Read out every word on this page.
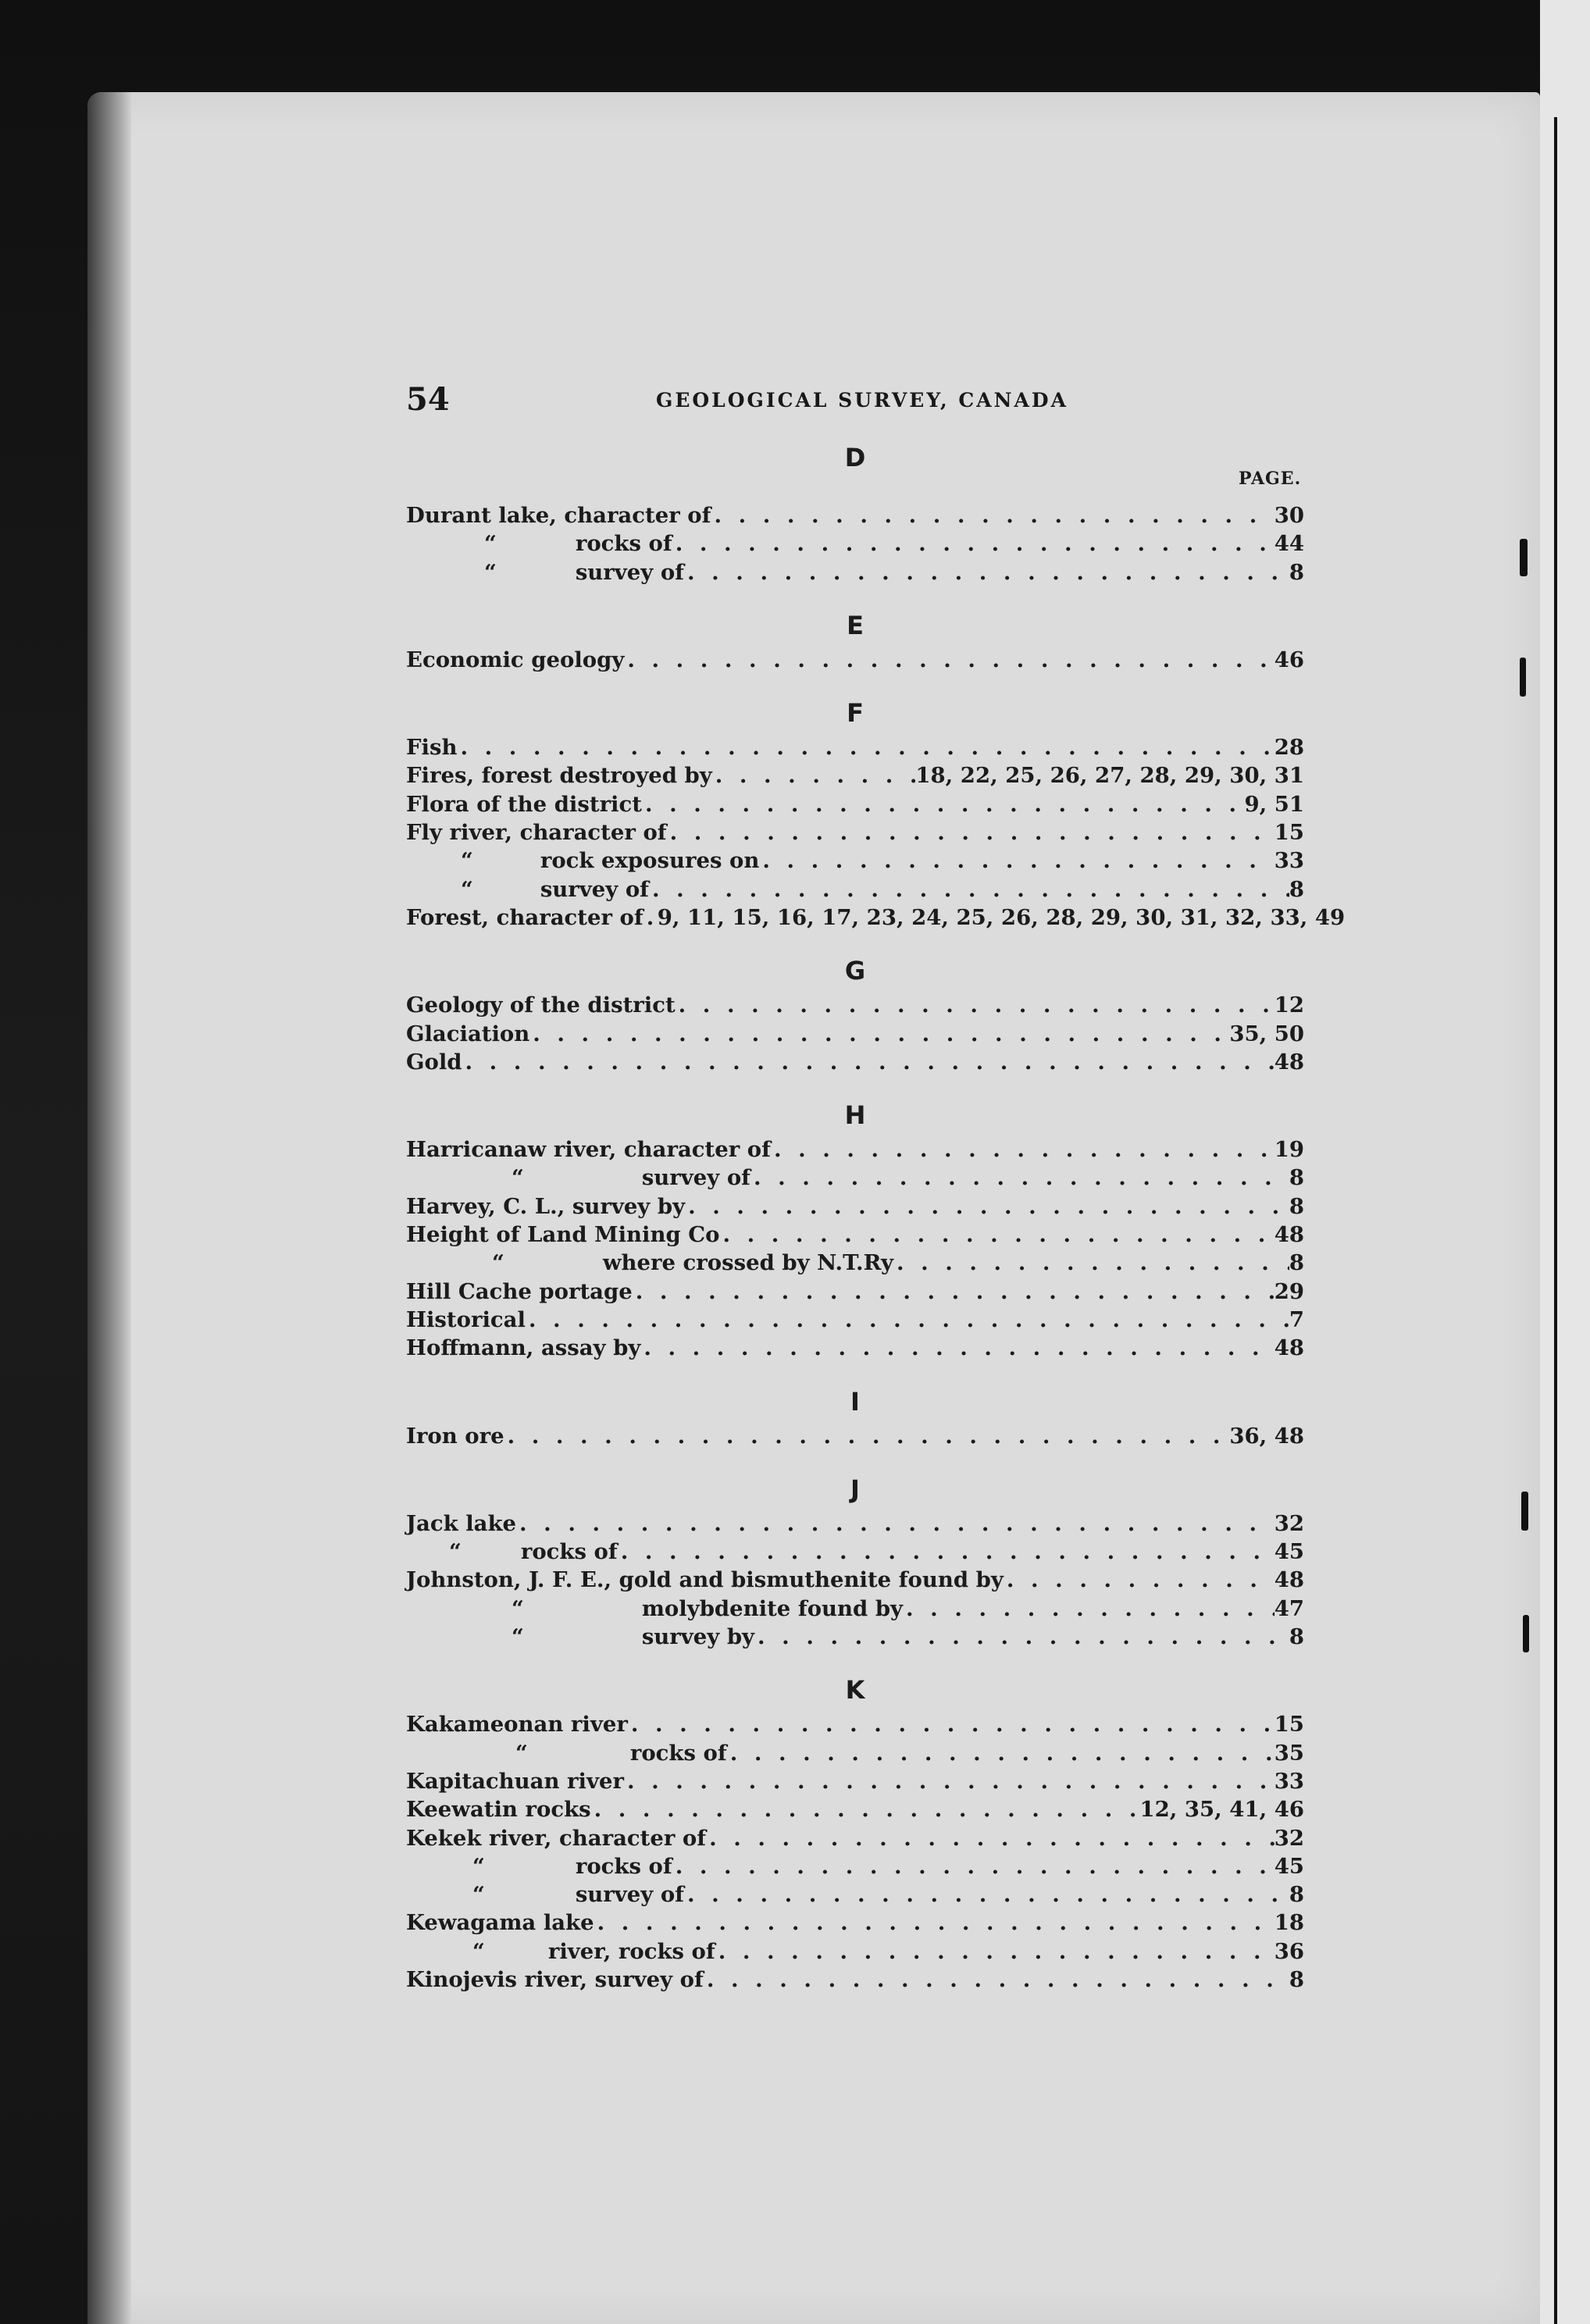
54	GEOLOGICAL SURVEY, CANADA
PAGE.
D
Durant lake, character of . . .	30
“	rocks of . . .	44
“	survey of . . .	8
E
Economic geology . . .	46
F
Fish . . .	28
Fires, forest destroyed by . . .	18, 22, 25, 26, 27, 28, 29, 30, 31
Flora of the district . . .	9, 51
Fly river, character of . . .	15
“	rock exposures on . . .	33
“	survey of . . .	8
Forest, character of . . . 9, 11, 15, 16, 17, 23, 24, 25, 26, 28, 29, 30, 31, 32, 33, 49
G
Geology of the district . . .	12
Glaciation . . .	35, 50
Gold . . .	48
H
Harricanaw river, character of . . .	19
“	survey of . . .	8
Harvey, C. L., survey by . . .	8
Height of Land Mining Co . . .	48
“	where crossed by N.T.Ry . . .	8
Hill Cache portage . . .	29
Historical . . .	7
Hoffmann, assay by . . .	48
I
Iron ore . . .	36, 48
J
Jack lake . . .	32
“	rocks of . . .	45
Johnston, J. F. E., gold and bismuthenite found by . . .	48
“	molybdenite found by . . .	47
“	survey by . . .	8
K
Kakameonan river . . .	15
“	rocks of . . .	35
Kapitachuan river . . .	33
Keewatin rocks . . .	12, 35, 41, 46
Kekek river, character of . . .	32
“	rocks of . . .	45
“	survey of . . .	8
Kewagama lake . . .	18
“	river, rocks of . . .	36
Kinojevis river, survey of . . .	8
